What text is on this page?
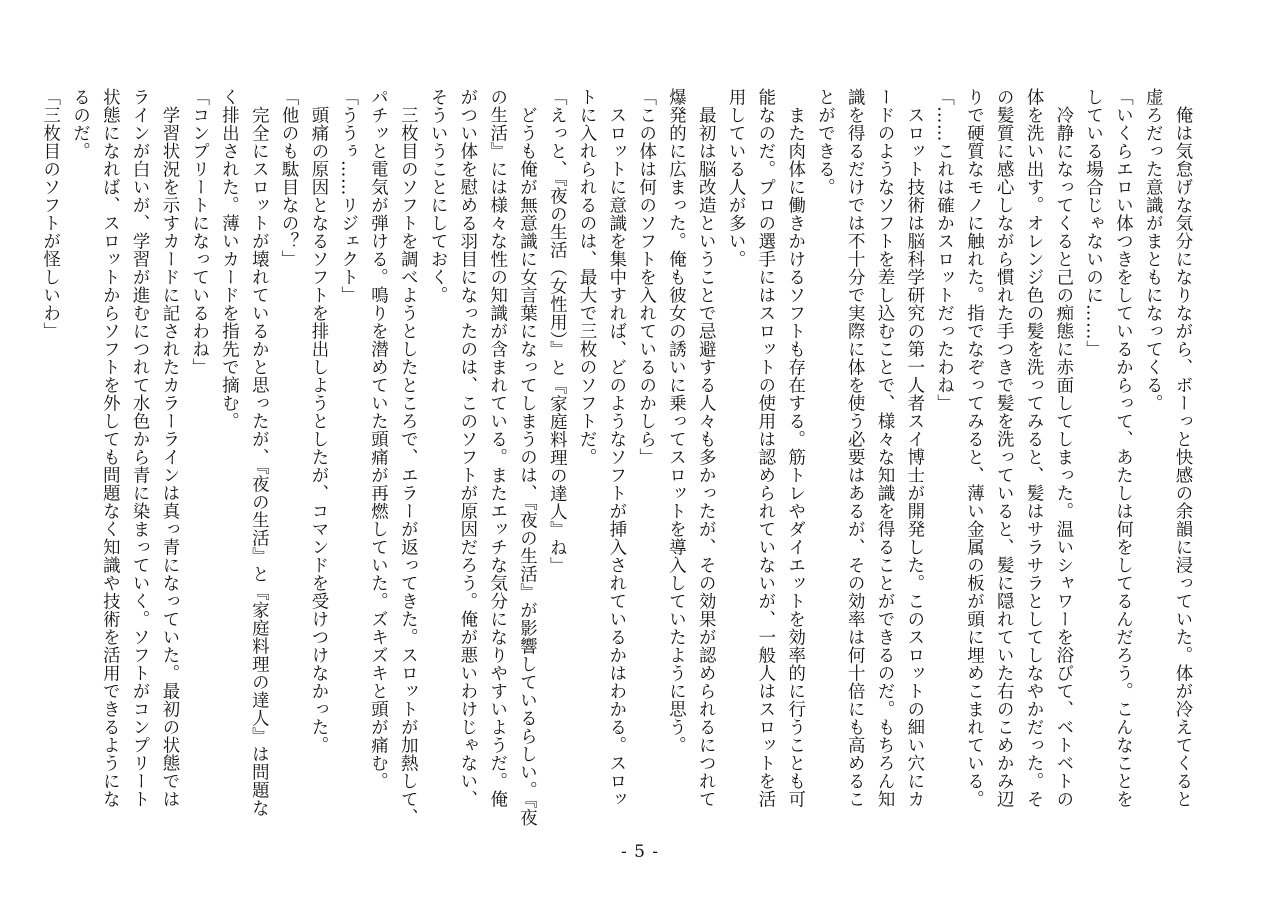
　俺は気怠げな気分になりながら、ボーっと快感の余韻に浸っていた。体が冷えてくると
虚ろだった意識がまともになってくる。
「いくらエロい体つきをしているからって、あたしは何をしてるんだろう。こんなことを
している場合じゃないのに……」
　冷静になってくると己の痴態に赤面してしまった。温いシャワーを浴びて、ベトベトの
体を洗い出す。オレンジ色の髪を洗ってみると、髪はサラサラとしてしなやかだった。そ
の髪質に感心しながら慣れた手つきで髪を洗っていると、髪に隠れていた右のこめかみ辺
りで硬質なモノに触れた。指でなぞってみると、薄い金属の板が頭に埋めこまれている。
「……これは確かスロットだったわね」
　スロット技術は脳科学研究の第一人者スイ博士が開発した。このスロットの細い穴にカ
ードのようなソフトを差し込むことで、様々な知識を得ることができるのだ。もちろん知
識を得るだけでは不十分で実際に体を使う必要はあるが、その効率は何十倍にも高めるこ
とができる。
　また肉体に働きかけるソフトも存在する。筋トレやダイエットを効率的に行うことも可
能なのだ。プロの選手にはスロットの使用は認められていないが、一般人はスロットを活
用している人が多い。
　最初は脳改造ということで忌避する人々も多かったが、その効果が認められるにつれて
爆発的に広まった。俺も彼女の誘いに乗ってスロットを導入していたように思う。
「この体は何のソフトを入れているのかしら」
　スロットに意識を集中すれば、どのようなソフトが挿入されているかはわかる。スロッ
トに入れられるのは、最大で三枚のソフトだ。
「えっと、『夜の生活（女性用）』と『家庭料理の達人』ね」
　どうも俺が無意識に女言葉になってしまうのは、『夜の生活』が影響しているらしい。『夜
の生活』には様々な性の知識が含まれている。またエッチな気分になりやすいようだ。俺
がつい体を慰める羽目になったのは、このソフトが原因だろう。俺が悪いわけじゃない、
そういうことにしておく。
　三枚目のソフトを調べようとしたところで、エラーが返ってきた。スロットが加熱して、
パチッと電気が弾ける。鳴りを潜めていた頭痛が再燃していた。ズキズキと頭が痛む。
「ううぅ……リジェクト」
　頭痛の原因となるソフトを排出しようとしたが、コマンドを受けつけなかった。
「他のも駄目なの？」
　完全にスロットが壊れているかと思ったが、『夜の生活』と『家庭料理の達人』は問題な
く排出された。薄いカードを指先で摘む。
「コンプリートになっているわね」
　学習状況を示すカードに記されたカラーラインは真っ青になっていた。最初の状態では
ラインが白いが、学習が進むにつれて水色から青に染まっていく。ソフトがコンプリート
状態になれば、スロットからソフトを外しても問題なく知識や技術を活用できるようにな
るのだ。
「三枚目のソフトが怪しいわ」
- 5 -
